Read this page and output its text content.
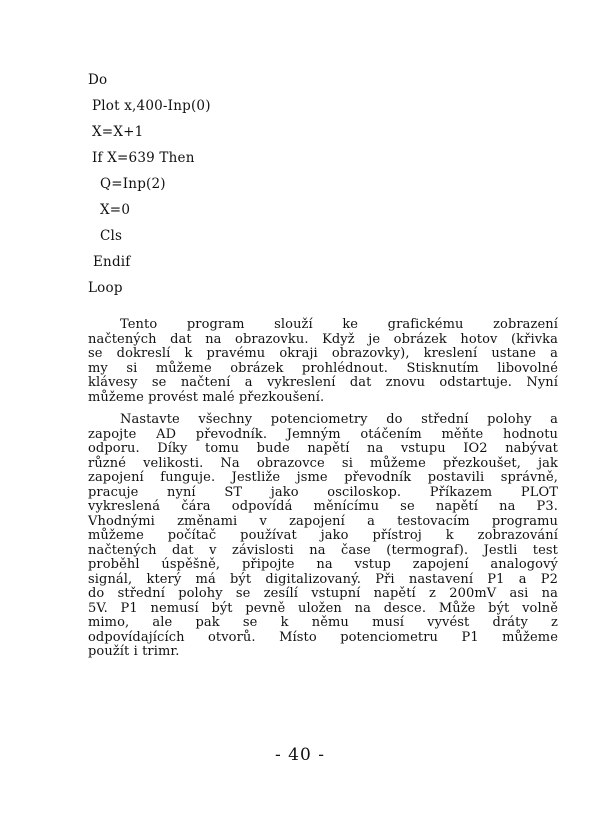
Do
Plot x,400-Inp(0)
X=X+1
If X=639 Then
Q=Inp(2)
X=0
Cls
Endif
Loop
Tento program slouží ke grafickému zobrazení
načtených dat na obrazovku. Když je obrázek hotov (křivka
se dokreslí k pravému okraji obrazovky), kreslení ustane a
my si můžeme obrázek prohlédnout. Stisknutím libovolné
klávesy se načtení a vykreslení dat znovu odstartuje. Nyní
můžeme provést malé přezkoušení.
Nastavte všechny potenciometry do střední polohy a
zapojte AD převodník. Jemným otáčením měňte hodnotu
odporu. Díky tomu bude napětí na vstupu IO2 nabývat
různé velikosti. Na obrazovce si můžeme přezkoušet, jak
zapojení funguje. Jestliže jsme převodník postavili správně,
pracuje nyní ST jako osciloskop. Příkazem PLOT
vykreslená čára odpovídá měnícímu se napětí na P3.
Vhodnými změnami v zapojení a testovacím programu
můžeme počítač používat jako přístroj k zobrazování
načtených dat v závislosti na čase (termograf). Jestli test
proběhl úspěšně, připojte na vstup zapojení analogový
signál, který má být digitalizovaný. Při nastavení P1 a P2
do střední polohy se zesílí vstupní napětí z 200mV asi na
5V. P1 nemusí být pevně uložen na desce. Může být volně
mimo, ale pak se k němu musí vyvést dráty z
odpovídajících otvorů. Místo potenciometru P1 můžeme
použít i trimr.
- 40 -
